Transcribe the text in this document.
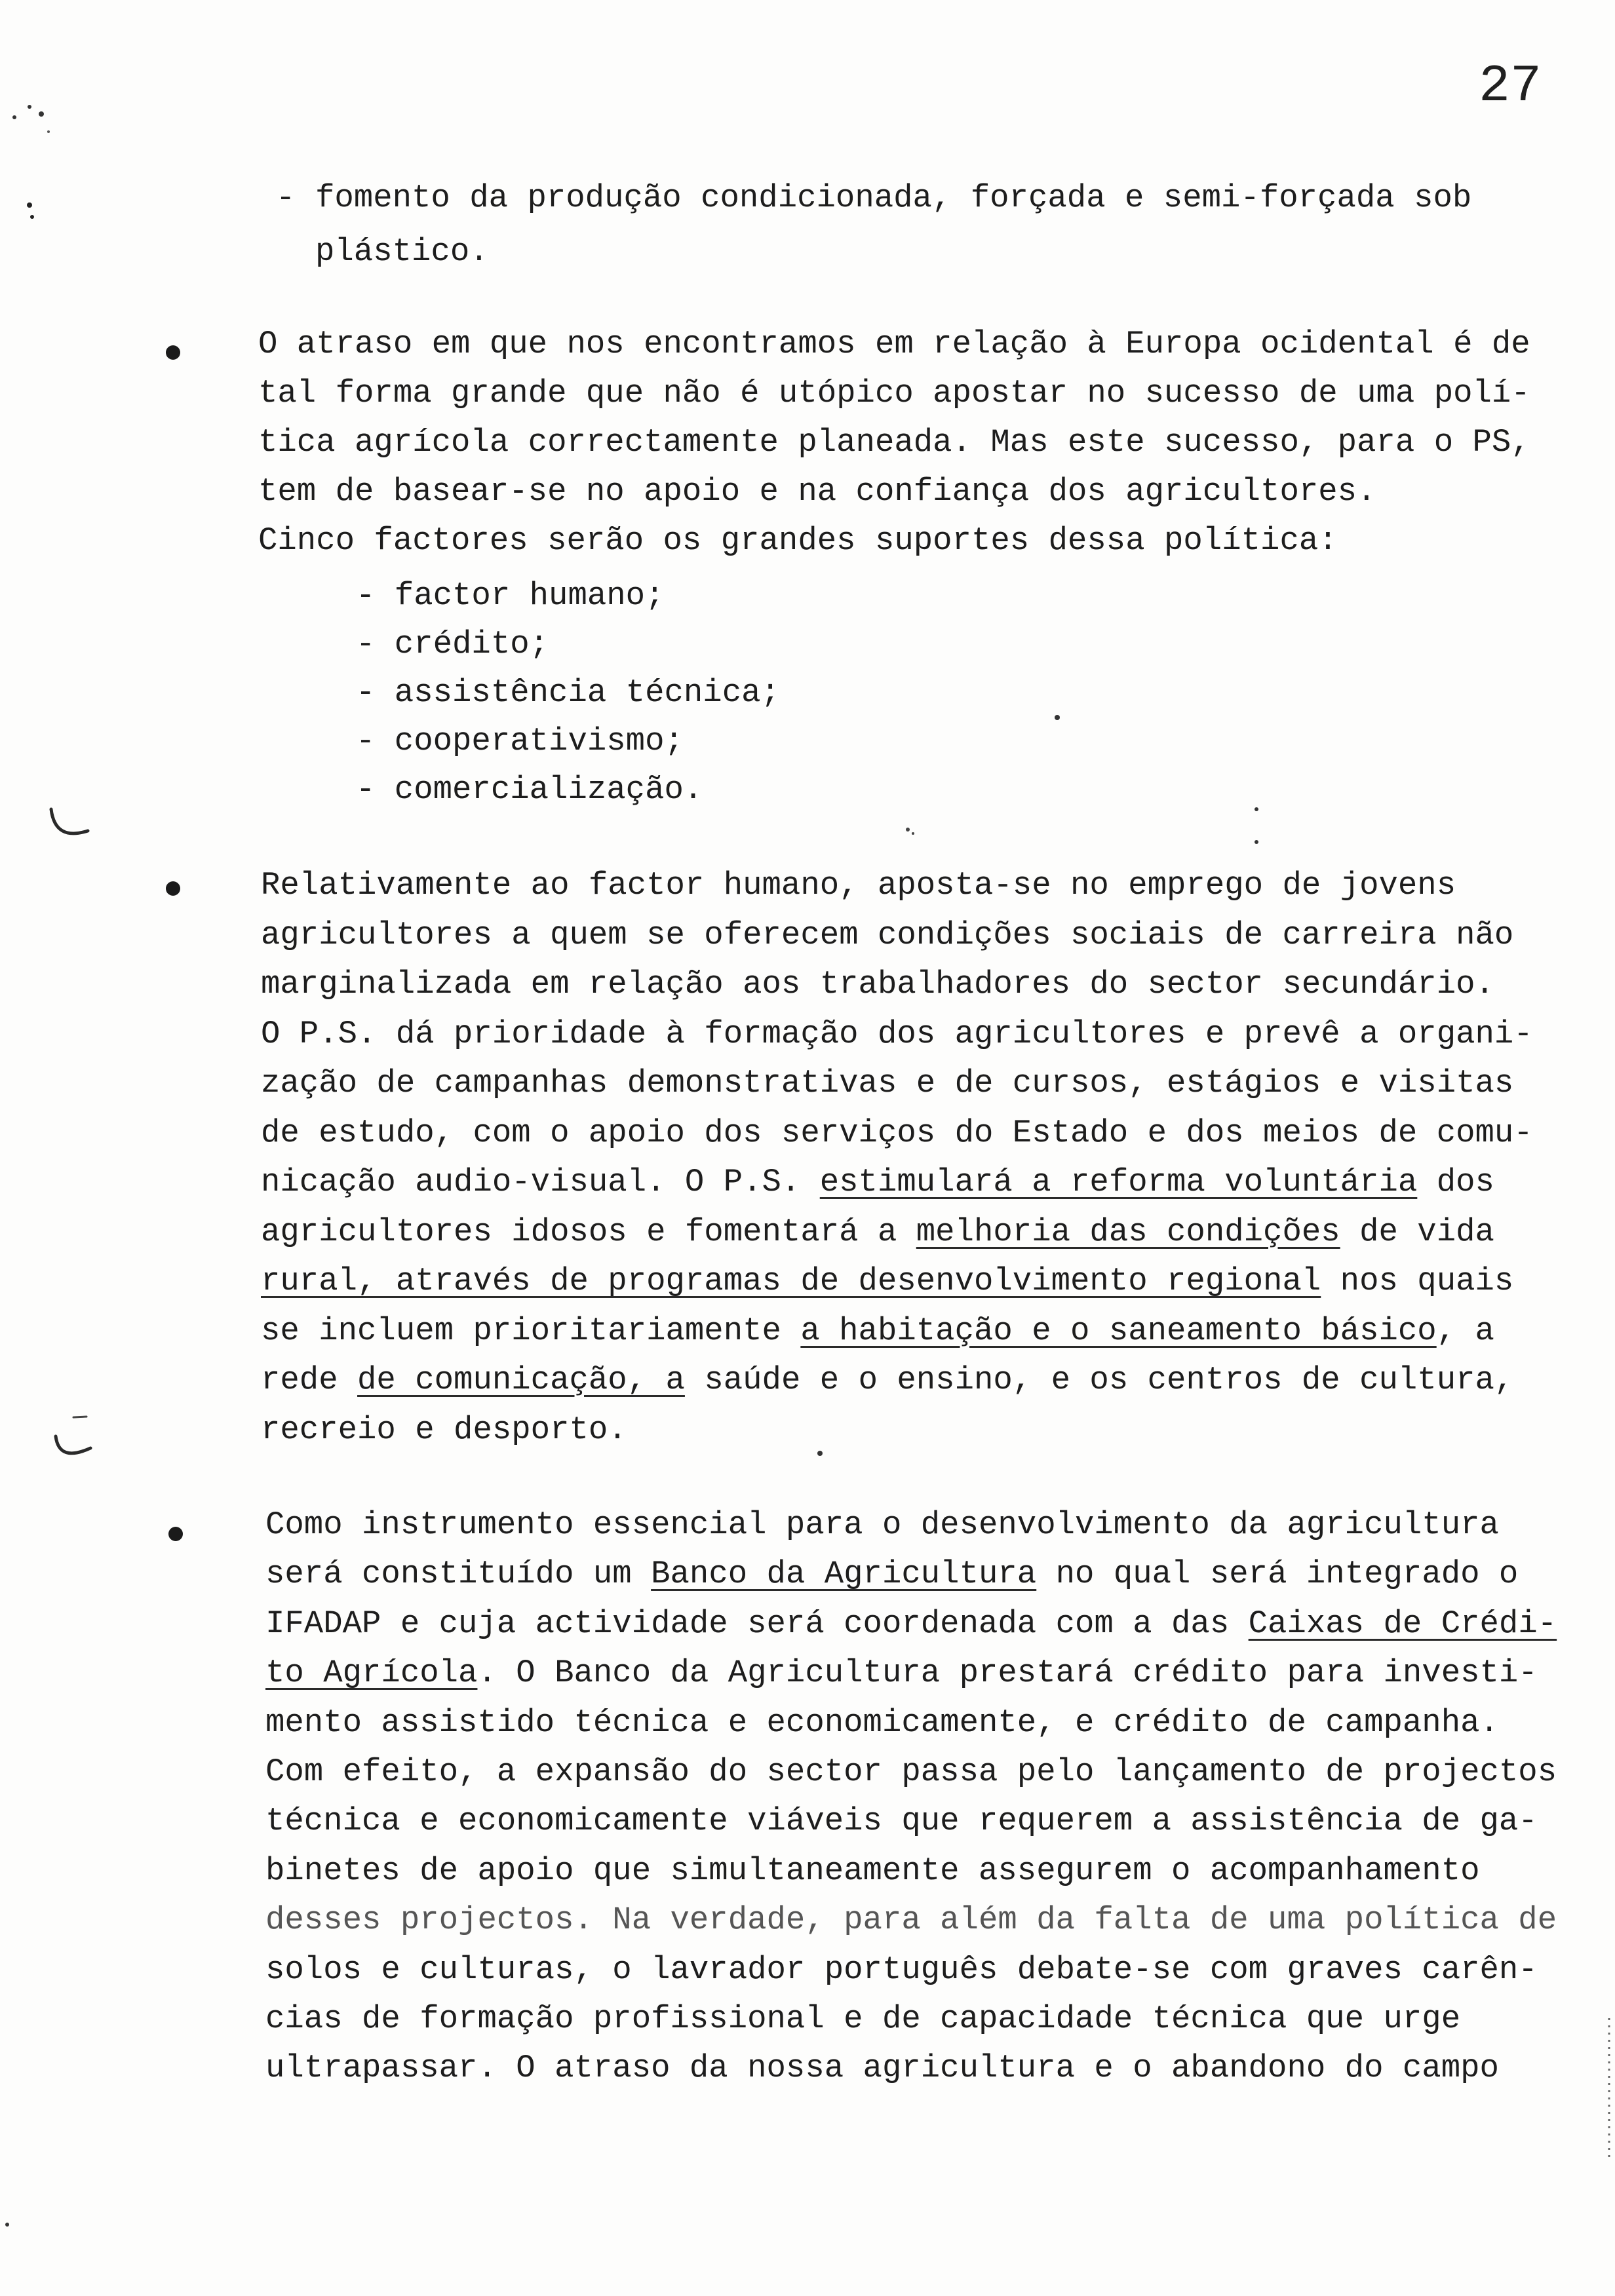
27
- fomento da produção condicionada, forçada e semi-forçada sob
plástico.
O atraso em que nos encontramos em relação à Europa ocidental é de
tal forma grande que não é utópico apostar no sucesso de uma polí-
tica agrícola correctamente planeada. Mas este sucesso, para o PS,
tem de basear-se no apoio e na confiança dos agricultores.
Cinco factores serão os grandes suportes dessa política:
- factor humano;
- crédito;
- assistência técnica;
- cooperativismo;
- comercialização.
Relativamente ao factor humano, aposta-se no emprego de jovens
agricultores a quem se oferecem condições sociais de carreira não
marginalizada em relação aos trabalhadores do sector secundário.
O P.S. dá prioridade à formação dos agricultores e prevê a organi-
zação de campanhas demonstrativas e de cursos, estágios e visitas
de estudo, com o apoio dos serviços do Estado e dos meios de comu-
nicação audio-visual. O P.S. estimulará a reforma voluntária dos
agricultores idosos e fomentará a melhoria das condições de vida
rural, através de programas de desenvolvimento regional nos quais
se incluem prioritariamente a habitação e o saneamento básico, a
rede de comunicação, a saúde e o ensino, e os centros de cultura,
recreio e desporto.
Como instrumento essencial para o desenvolvimento da agricultura
será constituído um Banco da Agricultura no qual será integrado o
IFADAP e cuja actividade será coordenada com a das Caixas de Crédi-
to Agrícola. O Banco da Agricultura prestará crédito para investi-
mento assistido técnica e economicamente, e crédito de campanha.
Com efeito, a expansão do sector passa pelo lançamento de projectos
técnica e economicamente viáveis que requerem a assistência de ga-
binetes de apoio que simultaneamente assegurem o acompanhamento
desses projectos. Na verdade, para além da falta de uma política de
solos e culturas, o lavrador português debate-se com graves carên-
cias de formação profissional e de capacidade técnica que urge
ultrapassar. O atraso da nossa agricultura e o abandono do campo
